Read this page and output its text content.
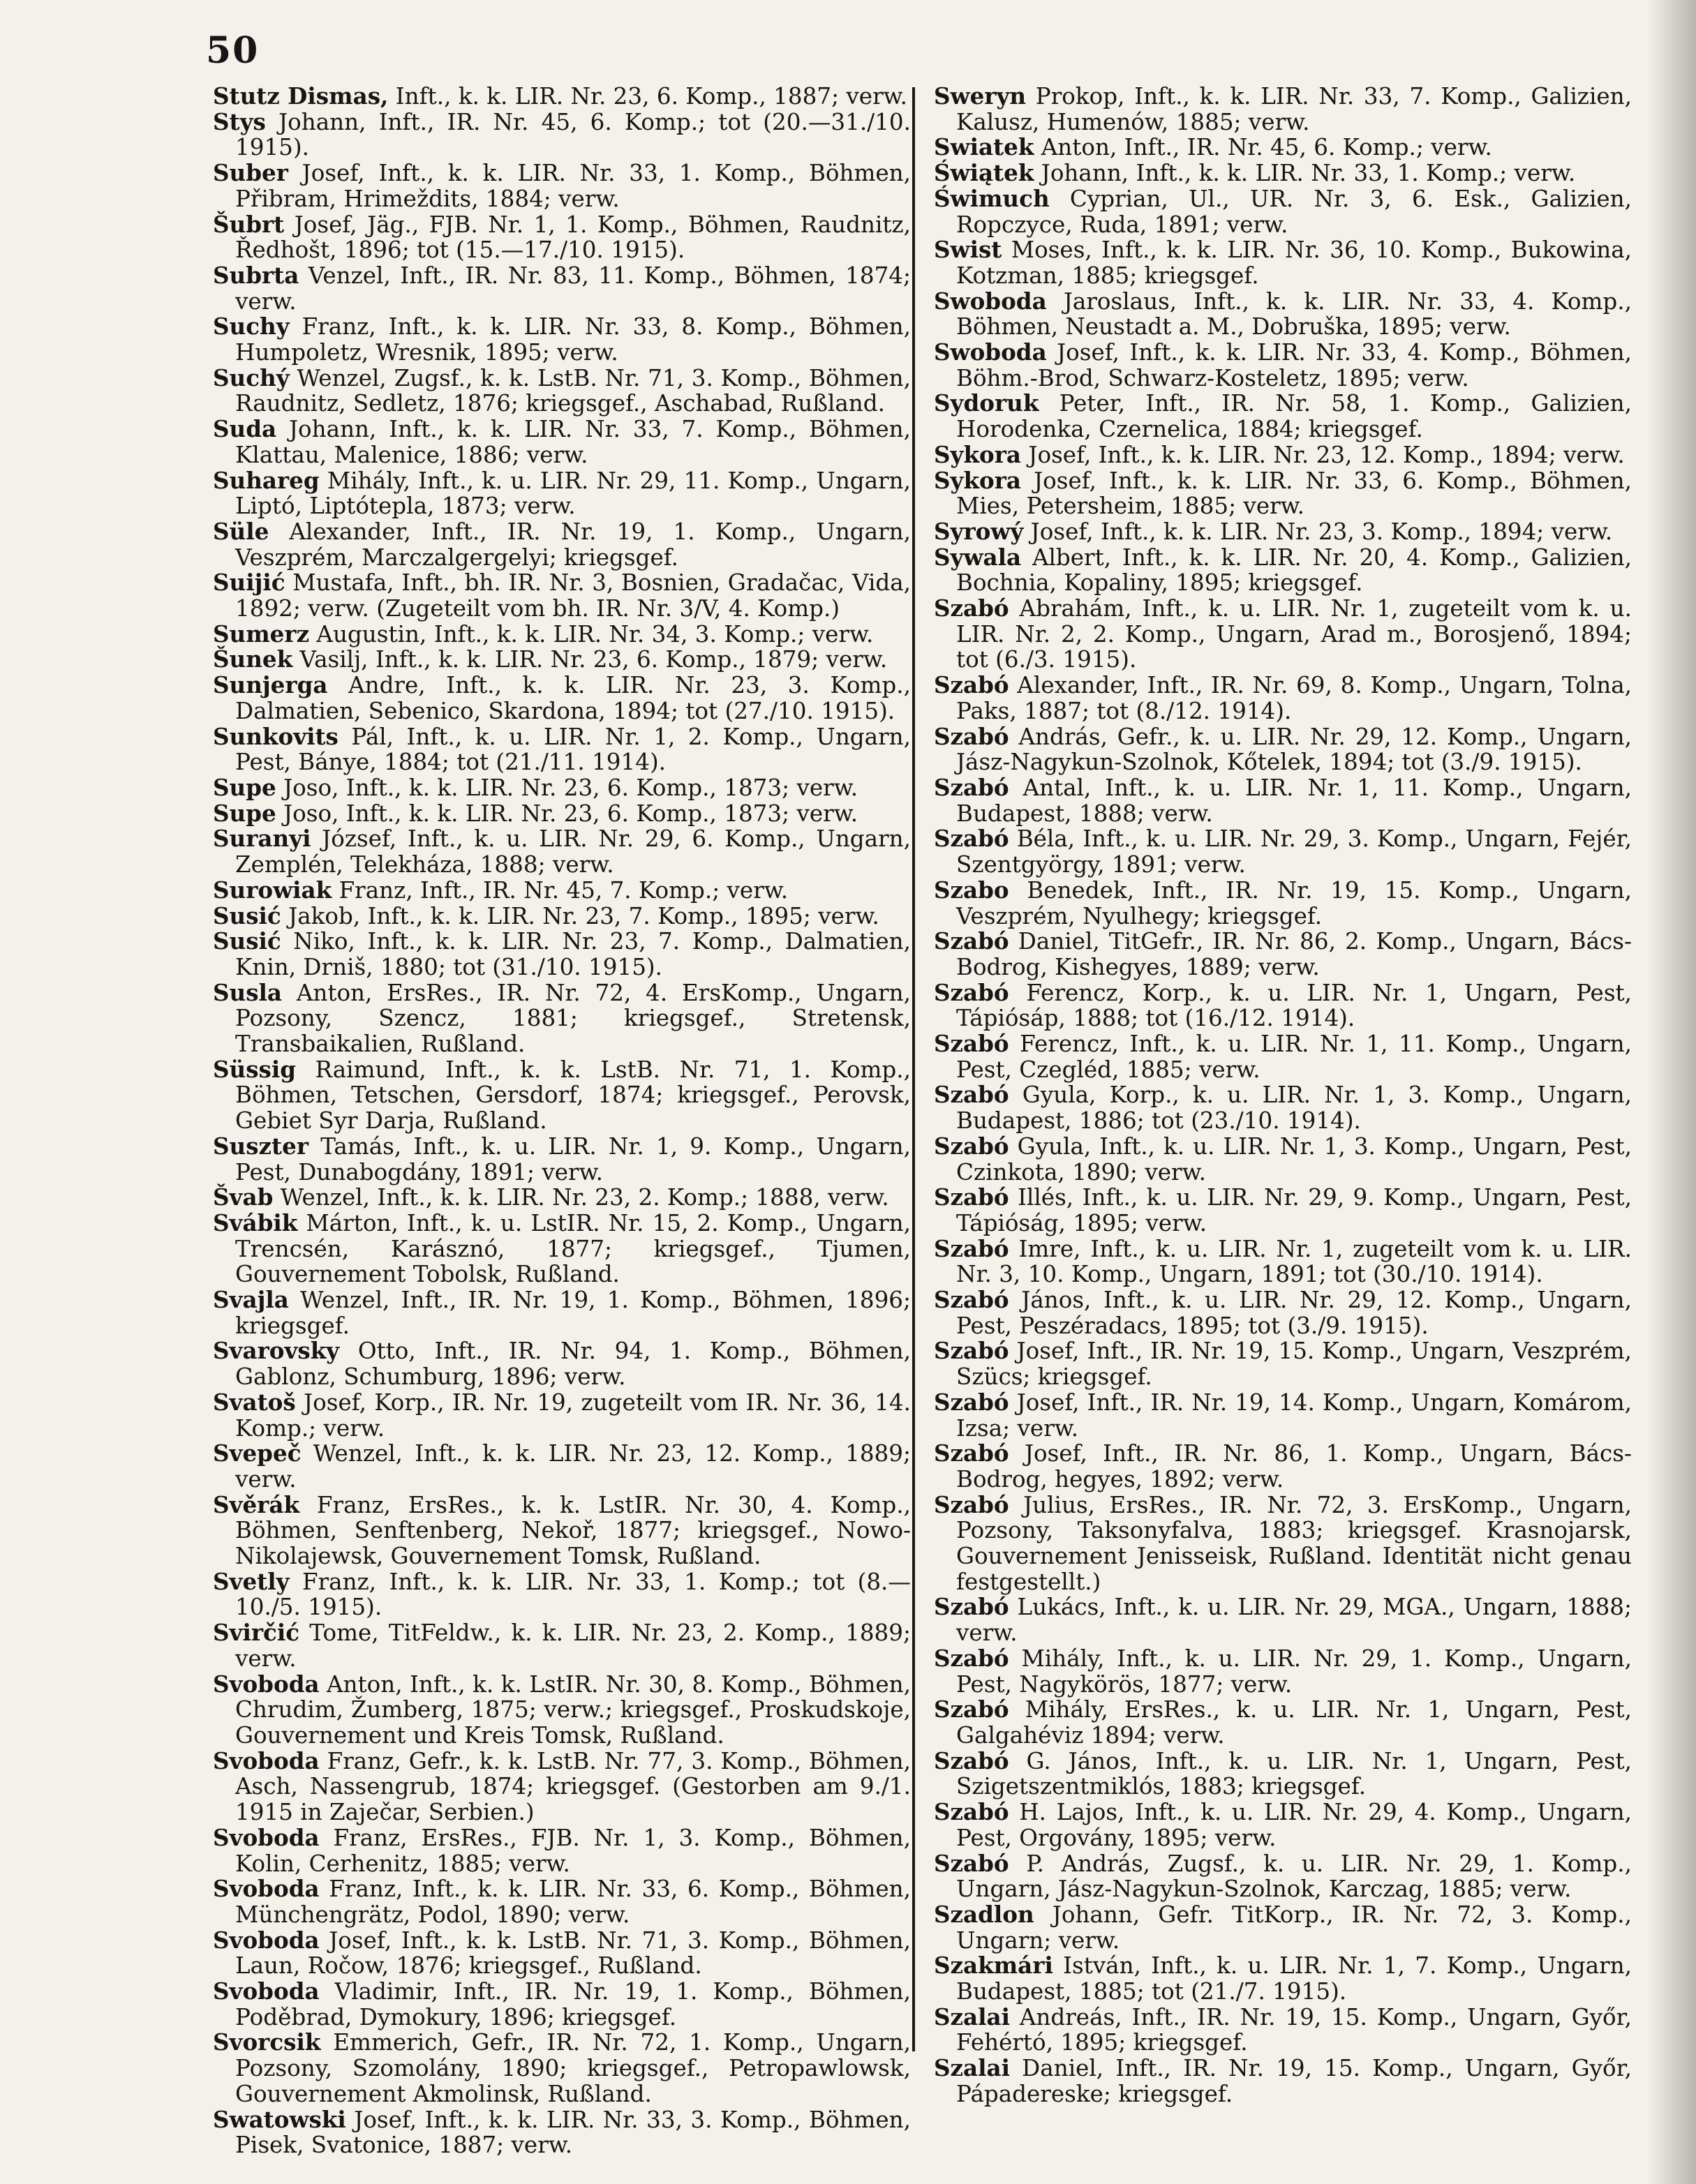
50
Stutz Dismas, Inft., k. k. LIR. Nr. 23, 6. Komp., 1887; verw.
Stys Johann, Inft., IR. Nr. 45, 6. Komp.; tot (20.—31./10. 1915).
Suber Josef, Inft., k. k. LIR. Nr. 33, 1. Komp., Böhmen, Přibram, Hrimeždits, 1884; verw.
Šubrt Josef, Jäg., FJB. Nr. 1, 1. Komp., Böhmen, Raudnitz, Ředhošt, 1896; tot (15.—17./10. 1915).
Subrta Venzel, Inft., IR. Nr. 83, 11. Komp., Böhmen, 1874; verw.
Suchy Franz, Inft., k. k. LIR. Nr. 33, 8. Komp., Böhmen, Humpoletz, Wresnik, 1895; verw.
Suchý Wenzel, Zugsf., k. k. LstB. Nr. 71, 3. Komp., Böhmen, Raudnitz, Sedletz, 1876; kriegsgef., Aschabad, Rußland.
Suda Johann, Inft., k. k. LIR. Nr. 33, 7. Komp., Böhmen, Klattau, Malenice, 1886; verw.
Suhareg Mihály, Inft., k. u. LIR. Nr. 29, 11. Komp., Ungarn, Liptó, Liptótepla, 1873; verw.
Süle Alexander, Inft., IR. Nr. 19, 1. Komp., Ungarn, Veszprém, Marczalgergelyi; kriegsgef.
Suijić Mustafa, Inft., bh. IR. Nr. 3, Bosnien, Gradačac, Vida, 1892; verw. (Zugeteilt vom bh. IR. Nr. 3/V, 4. Komp.)
Sumerz Augustin, Inft., k. k. LIR. Nr. 34, 3. Komp.; verw.
Šunek Vasilj, Inft., k. k. LIR. Nr. 23, 6. Komp., 1879; verw.
Sunjerga Andre, Inft., k. k. LIR. Nr. 23, 3. Komp., Dalmatien, Sebenico, Skardona, 1894; tot (27./10. 1915).
Sunkovits Pál, Inft., k. u. LIR. Nr. 1, 2. Komp., Ungarn, Pest, Bánye, 1884; tot (21./11. 1914).
Supe Joso, Inft., k. k. LIR. Nr. 23, 6. Komp., 1873; verw.
Supe Joso, Inft., k. k. LIR. Nr. 23, 6. Komp., 1873; verw.
Suranyi József, Inft., k. u. LIR. Nr. 29, 6. Komp., Ungarn, Zemplén, Telekháza, 1888; verw.
Surowiak Franz, Inft., IR. Nr. 45, 7. Komp.; verw.
Susić Jakob, Inft., k. k. LIR. Nr. 23, 7. Komp., 1895; verw.
Susić Niko, Inft., k. k. LIR. Nr. 23, 7. Komp., Dalmatien, Knin, Drniš, 1880; tot (31./10. 1915).
Susla Anton, ErsRes., IR. Nr. 72, 4. ErsKomp., Ungarn, Pozsony, Szencz, 1881; kriegsgef., Stretensk, Transbaikalien, Rußland.
Süssig Raimund, Inft., k. k. LstB. Nr. 71, 1. Komp., Böhmen, Tetschen, Gersdorf, 1874; kriegsgef., Perovsk, Gebiet Syr Darja, Rußland.
Suszter Tamás, Inft., k. u. LIR. Nr. 1, 9. Komp., Ungarn, Pest, Dunabogdány, 1891; verw.
Švab Wenzel, Inft., k. k. LIR. Nr. 23, 2. Komp.; 1888, verw.
Svábik Márton, Inft., k. u. LstIR. Nr. 15, 2. Komp., Ungarn, Trencsén, Karásznó, 1877; kriegsgef., Tjumen, Gouvernement Tobolsk, Rußland.
Svajla Wenzel, Inft., IR. Nr. 19, 1. Komp., Böhmen, 1896; kriegsgef.
Svarovsky Otto, Inft., IR. Nr. 94, 1. Komp., Böhmen, Gablonz, Schumburg, 1896; verw.
Svatoš Josef, Korp., IR. Nr. 19, zugeteilt vom IR. Nr. 36, 14. Komp.; verw.
Svepeč Wenzel, Inft., k. k. LIR. Nr. 23, 12. Komp., 1889; verw.
Svěrák Franz, ErsRes., k. k. LstIR. Nr. 30, 4. Komp., Böhmen, Senftenberg, Nekoř, 1877; kriegsgef., Nowo-Nikolajewsk, Gouvernement Tomsk, Rußland.
Svetly Franz, Inft., k. k. LIR. Nr. 33, 1. Komp.; tot (8.—10./5. 1915).
Svirčić Tome, TitFeldw., k. k. LIR. Nr. 23, 2. Komp., 1889; verw.
Svoboda Anton, Inft., k. k. LstIR. Nr. 30, 8. Komp., Böhmen, Chrudim, Žumberg, 1875; verw.; kriegsgef., Proskudskoje, Gouvernement und Kreis Tomsk, Rußland.
Svoboda Franz, Gefr., k. k. LstB. Nr. 77, 3. Komp., Böhmen, Asch, Nassengrub, 1874; kriegsgef. (Gestorben am 9./1. 1915 in Zaječar, Serbien.)
Svoboda Franz, ErsRes., FJB. Nr. 1, 3. Komp., Böhmen, Kolin, Cerhenitz, 1885; verw.
Svoboda Franz, Inft., k. k. LIR. Nr. 33, 6. Komp., Böhmen, Münchengrätz, Podol, 1890; verw.
Svoboda Josef, Inft., k. k. LstB. Nr. 71, 3. Komp., Böhmen, Laun, Ročow, 1876; kriegsgef., Rußland.
Svoboda Vladimir, Inft., IR. Nr. 19, 1. Komp., Böhmen, Poděbrad, Dymokury, 1896; kriegsgef.
Svorcsik Emmerich, Gefr., IR. Nr. 72, 1. Komp., Ungarn, Pozsony, Szomolány, 1890; kriegsgef., Petropawlowsk, Gouvernement Akmolinsk, Rußland.
Swatowski Josef, Inft., k. k. LIR. Nr. 33, 3. Komp., Böhmen, Pisek, Svatonice, 1887; verw.
Sweryn Prokop, Inft., k. k. LIR. Nr. 33, 7. Komp., Galizien, Kalusz, Humenów, 1885; verw.
Swiatek Anton, Inft., IR. Nr. 45, 6. Komp.; verw.
Świątek Johann, Inft., k. k. LIR. Nr. 33, 1. Komp.; verw.
Świmuch Cyprian, Ul., UR. Nr. 3, 6. Esk., Galizien, Ropczyce, Ruda, 1891; verw.
Swist Moses, Inft., k. k. LIR. Nr. 36, 10. Komp., Bukowina, Kotzman, 1885; kriegsgef.
Swoboda Jaroslaus, Inft., k. k. LIR. Nr. 33, 4. Komp., Böhmen, Neustadt a. M., Dobruška, 1895; verw.
Swoboda Josef, Inft., k. k. LIR. Nr. 33, 4. Komp., Böhmen, Böhm.-Brod, Schwarz-Kosteletz, 1895; verw.
Sydoruk Peter, Inft., IR. Nr. 58, 1. Komp., Galizien, Horodenka, Czernelica, 1884; kriegsgef.
Sykora Josef, Inft., k. k. LIR. Nr. 23, 12. Komp., 1894; verw.
Sykora Josef, Inft., k. k. LIR. Nr. 33, 6. Komp., Böhmen, Mies, Petersheim, 1885; verw.
Syrowý Josef, Inft., k. k. LIR. Nr. 23, 3. Komp., 1894; verw.
Sywala Albert, Inft., k. k. LIR. Nr. 20, 4. Komp., Galizien, Bochnia, Kopaliny, 1895; kriegsgef.
Szabó Abrahám, Inft., k. u. LIR. Nr. 1, zugeteilt vom k. u. LIR. Nr. 2, 2. Komp., Ungarn, Arad m., Borosjenő, 1894; tot (6./3. 1915).
Szabó Alexander, Inft., IR. Nr. 69, 8. Komp., Ungarn, Tolna, Paks, 1887; tot (8./12. 1914).
Szabó András, Gefr., k. u. LIR. Nr. 29, 12. Komp., Ungarn, Jász-Nagykun-Szolnok, Kőtelek, 1894; tot (3./9. 1915).
Szabó Antal, Inft., k. u. LIR. Nr. 1, 11. Komp., Ungarn, Budapest, 1888; verw.
Szabó Béla, Inft., k. u. LIR. Nr. 29, 3. Komp., Ungarn, Fejér, Szentgyörgy, 1891; verw.
Szabo Benedek, Inft., IR. Nr. 19, 15. Komp., Ungarn, Veszprém, Nyulhegy; kriegsgef.
Szabó Daniel, TitGefr., IR. Nr. 86, 2. Komp., Ungarn, Bács-Bodrog, Kishegyes, 1889; verw.
Szabó Ferencz, Korp., k. u. LIR. Nr. 1, Ungarn, Pest, Tápiósáp, 1888; tot (16./12. 1914).
Szabó Ferencz, Inft., k. u. LIR. Nr. 1, 11. Komp., Ungarn, Pest, Czegléd, 1885; verw.
Szabó Gyula, Korp., k. u. LIR. Nr. 1, 3. Komp., Ungarn, Budapest, 1886; tot (23./10. 1914).
Szabó Gyula, Inft., k. u. LIR. Nr. 1, 3. Komp., Ungarn, Pest, Czinkota, 1890; verw.
Szabó Illés, Inft., k. u. LIR. Nr. 29, 9. Komp., Ungarn, Pest, Tápióság, 1895; verw.
Szabó Imre, Inft., k. u. LIR. Nr. 1, zugeteilt vom k. u. LIR. Nr. 3, 10. Komp., Ungarn, 1891; tot (30./10. 1914).
Szabó János, Inft., k. u. LIR. Nr. 29, 12. Komp., Ungarn, Pest, Peszéradacs, 1895; tot (3./9. 1915).
Szabó Josef, Inft., IR. Nr. 19, 15. Komp., Ungarn, Veszprém, Szücs; kriegsgef.
Szabó Josef, Inft., IR. Nr. 19, 14. Komp., Ungarn, Komárom, Izsa; verw.
Szabó Josef, Inft., IR. Nr. 86, 1. Komp., Ungarn, Bács-Bodrog, hegyes, 1892; verw.
Szabó Julius, ErsRes., IR. Nr. 72, 3. ErsKomp., Ungarn, Pozsony, Taksonyfalva, 1883; kriegsgef. Krasnojarsk, Gouvernement Jenisseisk, Rußland. Identität nicht genau festgestellt.)
Szabó Lukács, Inft., k. u. LIR. Nr. 29, MGA., Ungarn, 1888; verw.
Szabó Mihály, Inft., k. u. LIR. Nr. 29, 1. Komp., Ungarn, Pest, Nagykörös, 1877; verw.
Szabó Mihály, ErsRes., k. u. LIR. Nr. 1, Ungarn, Pest, Galgahéviz 1894; verw.
Szabó G. János, Inft., k. u. LIR. Nr. 1, Ungarn, Pest, Szigetszentmiklós, 1883; kriegsgef.
Szabó H. Lajos, Inft., k. u. LIR. Nr. 29, 4. Komp., Ungarn, Pest, Orgovány, 1895; verw.
Szabó P. András, Zugsf., k. u. LIR. Nr. 29, 1. Komp., Ungarn, Jász-Nagykun-Szolnok, Karczag, 1885; verw.
Szadlon Johann, Gefr. TitKorp., IR. Nr. 72, 3. Komp., Ungarn; verw.
Szakmári István, Inft., k. u. LIR. Nr. 1, 7. Komp., Ungarn, Budapest, 1885; tot (21./7. 1915).
Szalai Andreás, Inft., IR. Nr. 19, 15. Komp., Ungarn, Győr, Fehértó, 1895; kriegsgef.
Szalai Daniel, Inft., IR. Nr. 19, 15. Komp., Ungarn, Győr, Pápadereske; kriegsgef.
